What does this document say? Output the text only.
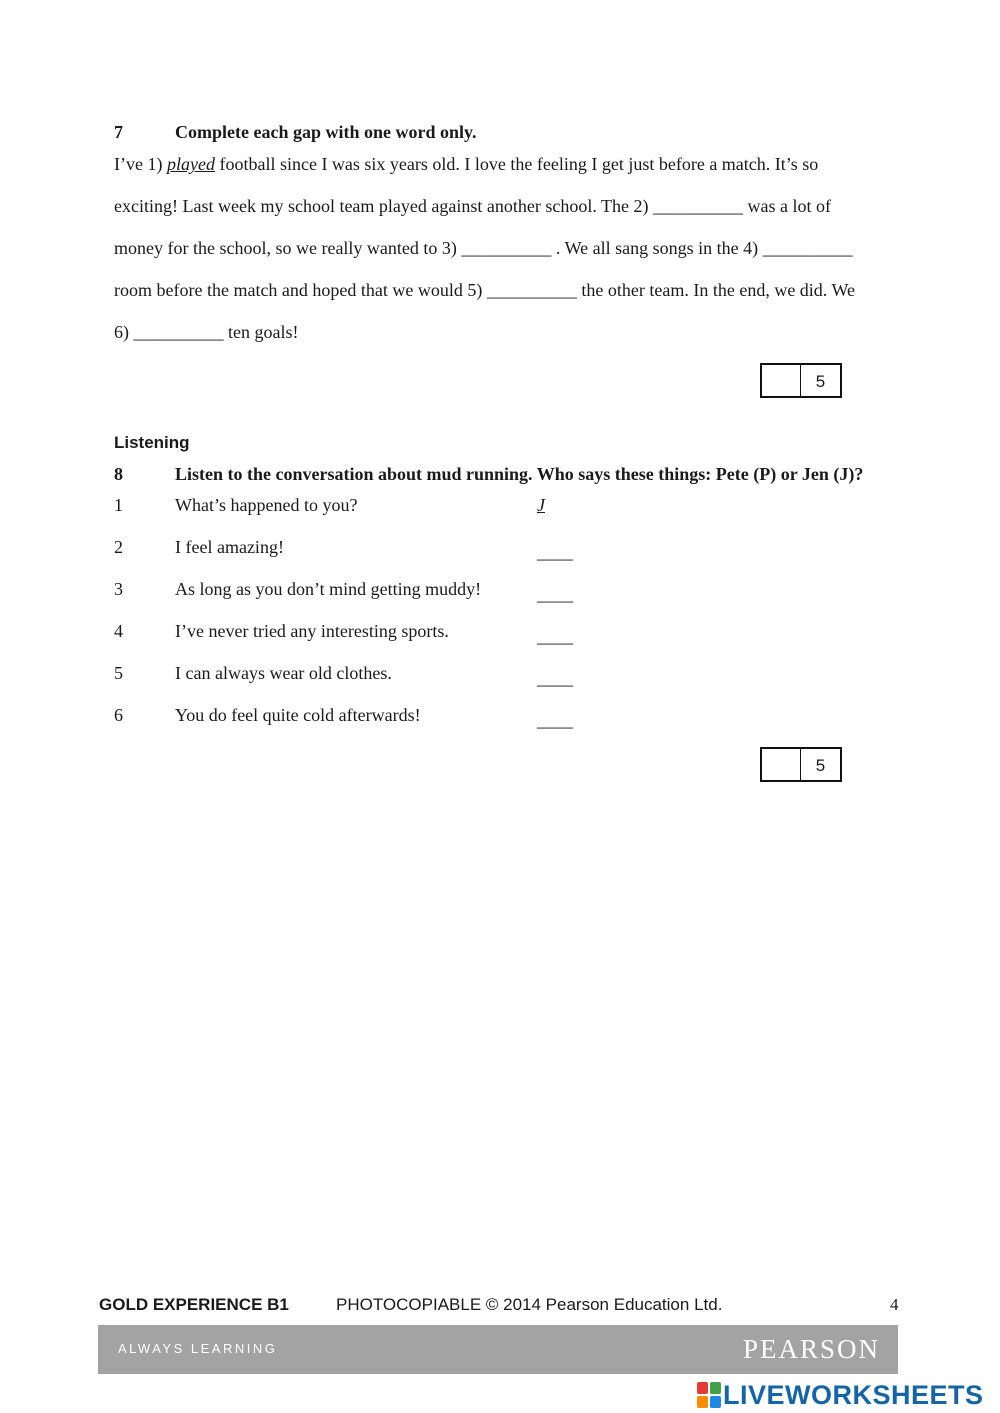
7	Complete each gap with one word only.
I’ve 1) played football since I was six years old. I love the feeling I get just before a match. It’s so
exciting! Last week my school team played against another school. The 2) __________ was a lot of
money for the school, so we really wanted to 3) __________ . We all sang songs in the 4) __________
room before the match and hoped that we would 5) __________ the other team. In the end, we did. We
6) __________ ten goals!
5
Listening
8	Listen to the conversation about mud running. Who says these things: Pete (P) or Jen (J)?
1	What’s happened to you?	J
2	I feel amazing!	____
3	As long as you don’t mind getting muddy!	____
4	I’ve never tried any interesting sports.	____
5	I can always wear old clothes.	____
6	You do feel quite cold afterwards!	____
5
GOLD EXPERIENCE B1	PHOTOCOPIABLE © 2014 Pearson Education Ltd.	4
ALWAYS LEARNING	PEARSON
LIVEWORKSHEETS
